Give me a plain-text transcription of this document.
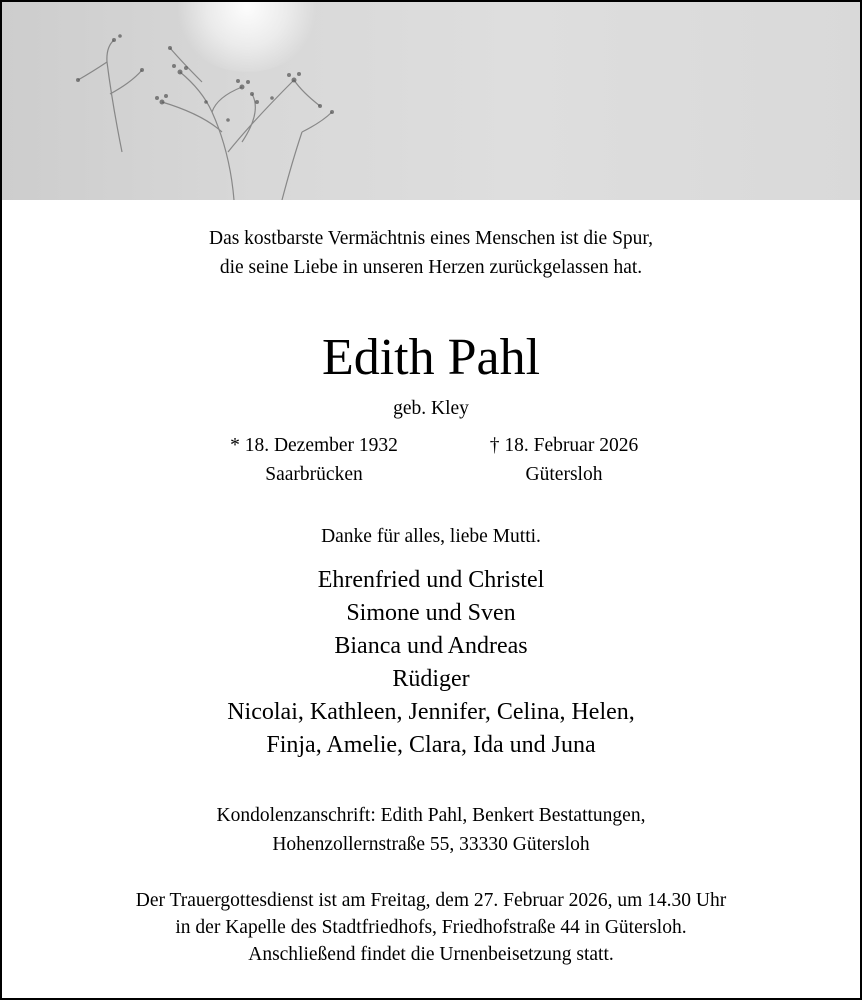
Das kostbarste Vermächtnis eines Menschen ist die Spur,
die seine Liebe in unseren Herzen zurückgelassen hat.
Edith Pahl
geb. Kley
* 18. Dezember 1932
Saarbrücken
† 18. Februar 2026
Gütersloh
Danke für alles, liebe Mutti.
Ehrenfried und Christel
Simone und Sven
Bianca und Andreas
Rüdiger
Nicolai, Kathleen, Jennifer, Celina, Helen,
Finja, Amelie, Clara, Ida und Juna
Kondolenzanschrift: Edith Pahl, Benkert Bestattungen,
Hohenzollernstraße 55, 33330 Gütersloh
Der Trauergottesdienst ist am Freitag, dem 27. Februar 2026, um 14.30 Uhr
in der Kapelle des Stadtfriedhofs, Friedhofstraße 44 in Gütersloh.
Anschließend findet die Urnenbeisetzung statt.
